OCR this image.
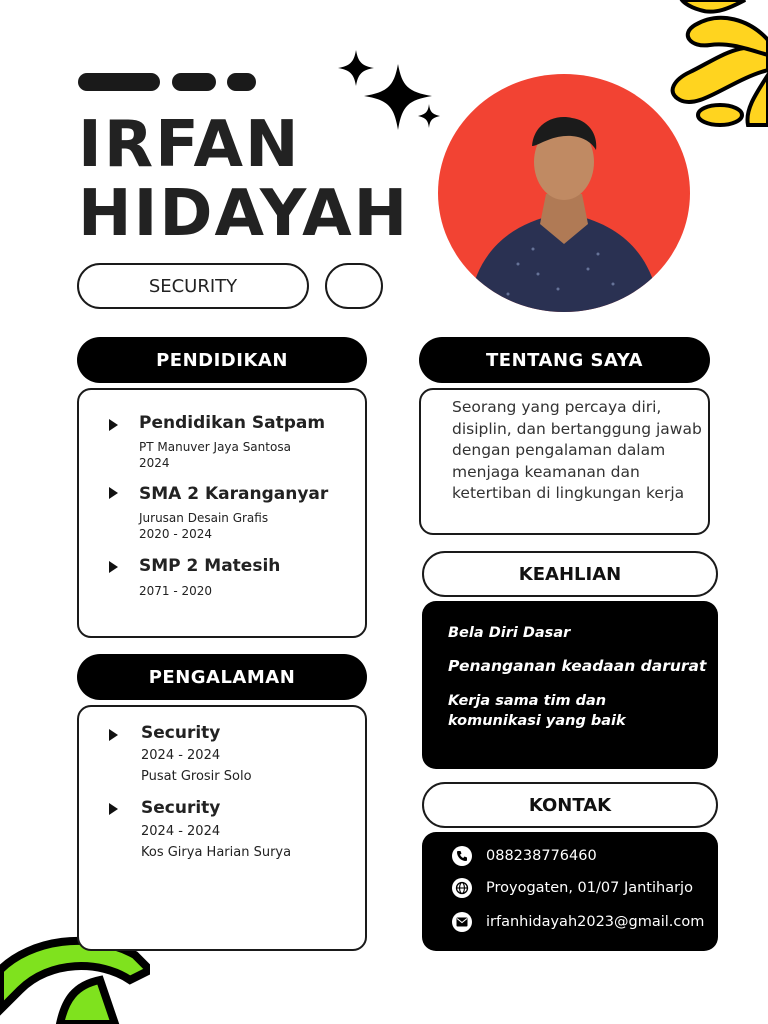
IRFAN
HIDAYAH
SECURITY
PENDIDIKAN
Pendidikan Satpam
PT Manuver Jaya Santosa
2024
SMA 2 Karanganyar
Jurusan Desain Grafis
2020 - 2024
SMP 2 Matesih
2071 - 2020
PENGALAMAN
Security
2024 - 2024
Pusat Grosir Solo
Security
2024 - 2024
Kos Girya Harian Surya
TENTANG SAYA
Seorang yang percaya diri, disiplin, dan bertanggung jawab dengan pengalaman dalam menjaga keamanan dan ketertiban di lingkungan kerja
KEAHLIAN
Bela Diri Dasar
Penanganan keadaan darurat
Kerja sama tim dan
komunikasi yang baik
KONTAK
088238776460
Proyogaten, 01/07 Jantiharjo
irfanhidayah2023@gmail.com
